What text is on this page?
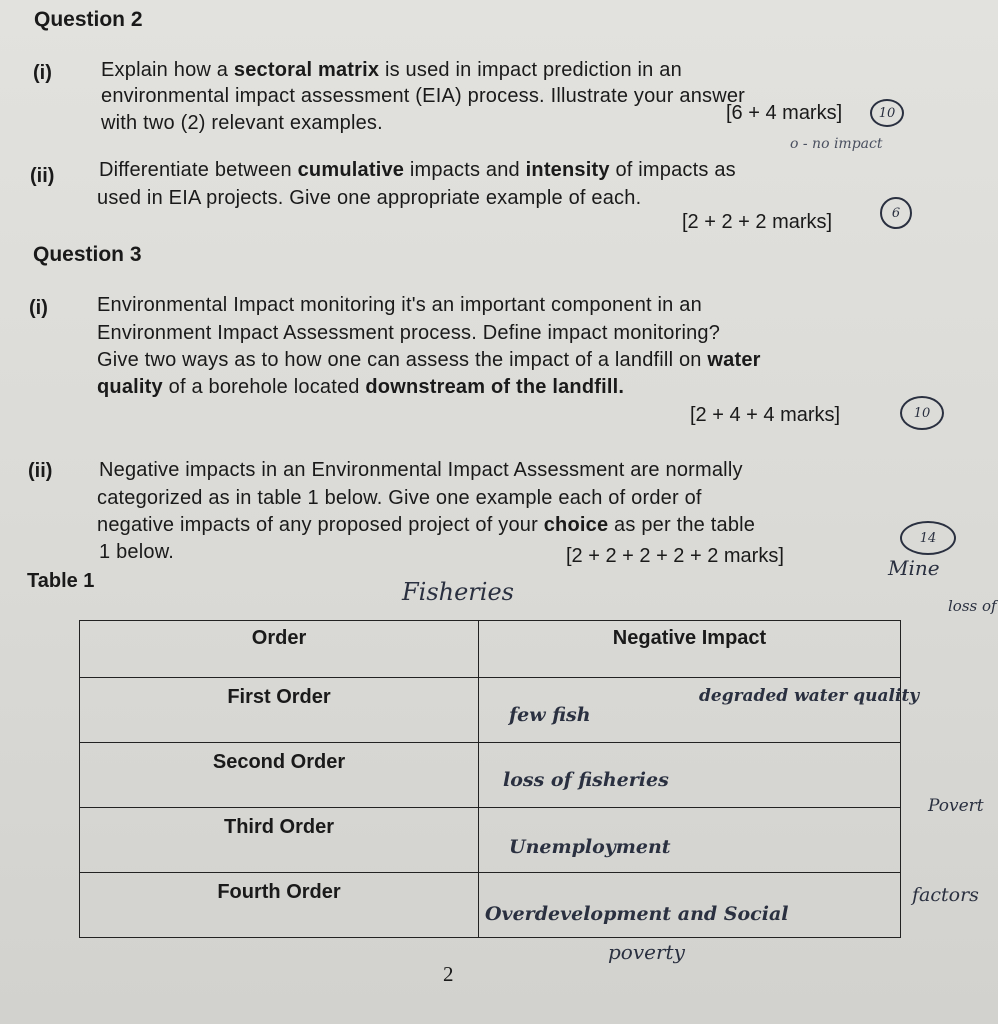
Question 2
(i) Explain how a sectoral matrix is used in impact prediction in an
environmental impact assessment (EIA) process. Illustrate your answer
with two (2) relevant examples.	[6 + 4 marks]	10
(ii) Differentiate between cumulative impacts and intensity of impacts as
used in EIA projects. Give one appropriate example of each.
[2 + 2 + 2 marks]	6
Question 3
(i) Environmental Impact monitoring it's an important component in an
Environment Impact Assessment process. Define impact monitoring?
Give two ways as to how one can assess the impact of a landfill on water
quality of a borehole located downstream of the landfill.
[2 + 4 + 4 marks]	10
(ii) Negative impacts in an Environmental Impact Assessment are normally
categorized as in table 1 below. Give one example each of order of
negative impacts of any proposed project of your choice as per the table
1 below.	[2 + 2 + 2 + 2 + 2 marks]
14
Table 1	Fisheries
Mine
loss of
Povert
factors
poverty
o - no impact
Order	Negative Impact
First Order	few fish
degraded water quality

Second Order	loss of fisheries

Third Order	Unemployment

Fourth Order	Overdevelopment and Social
2
